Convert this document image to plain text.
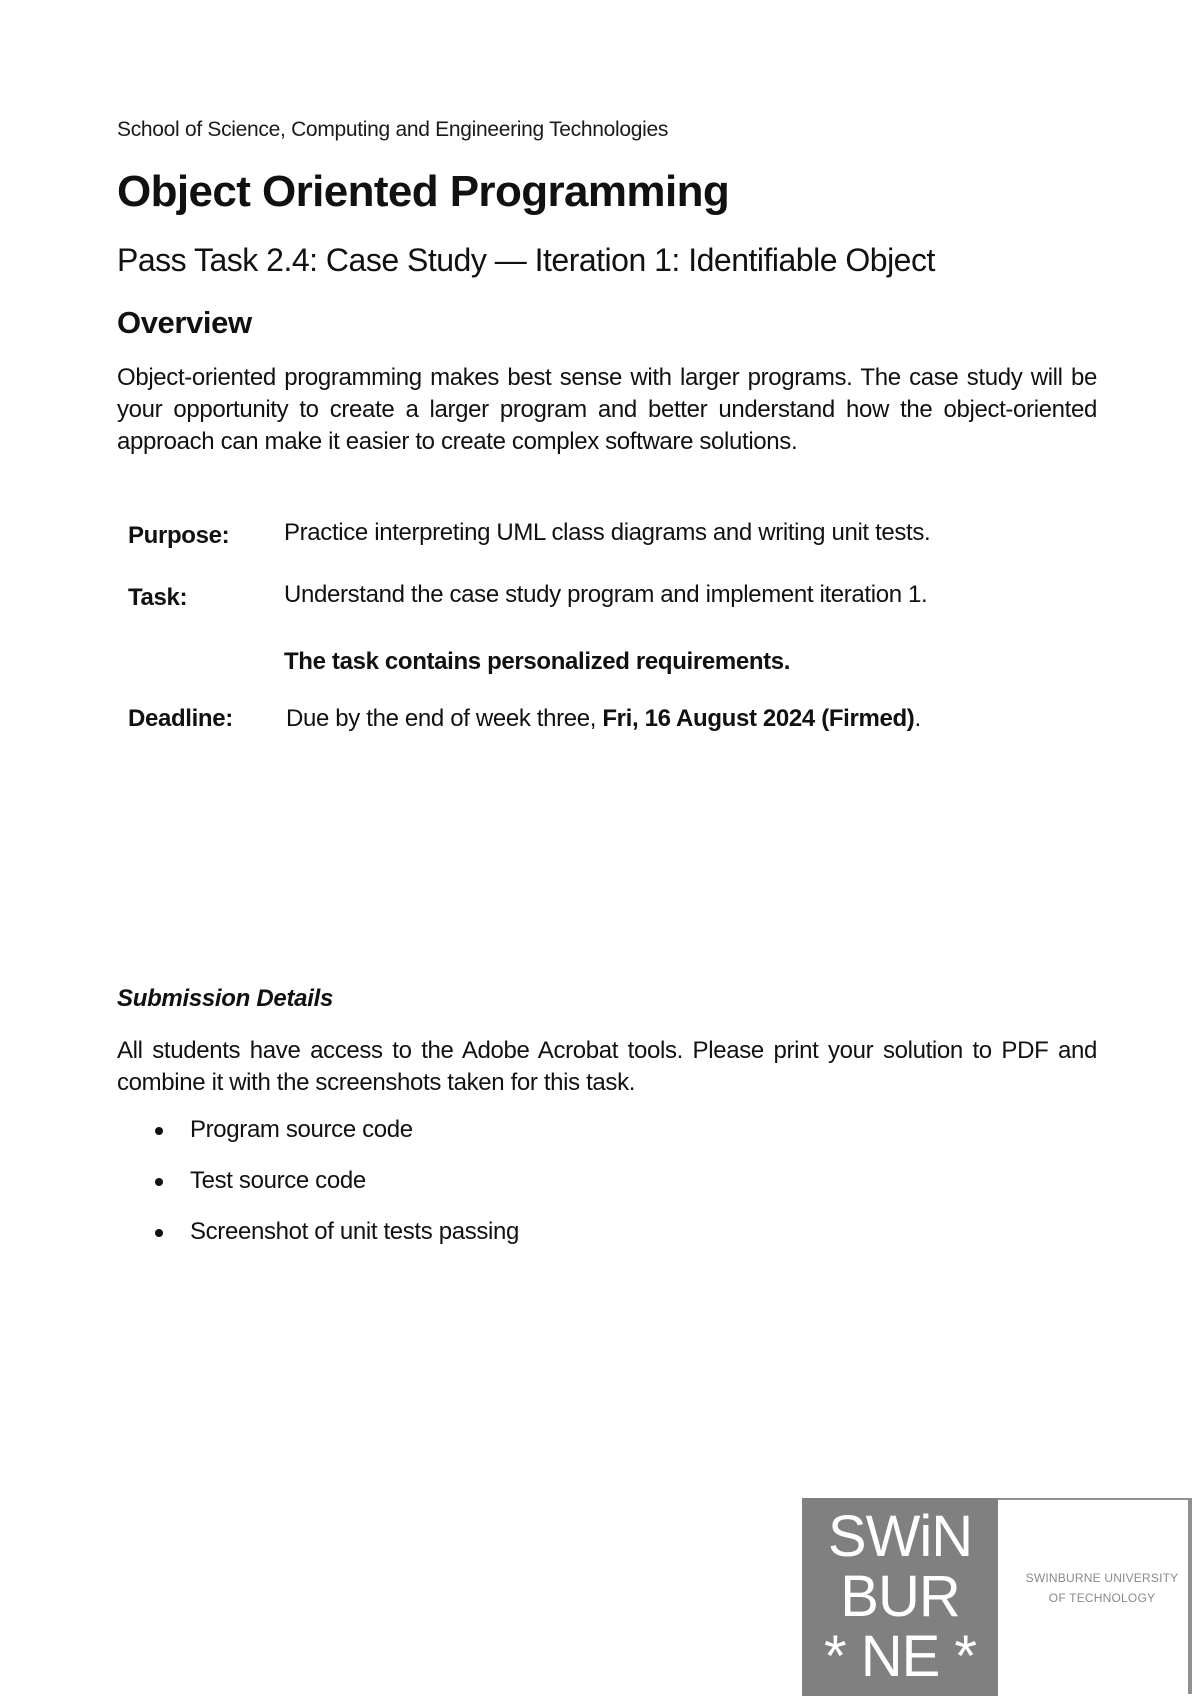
School of Science, Computing and Engineering Technologies
Object Oriented Programming
Pass Task 2.4: Case Study — Iteration 1: Identifiable Object
Overview

Object-oriented programming makes best sense with larger programs. The case study will be your opportunity to create a larger program and better understand how the object-oriented approach can make it easier to create complex software solutions.

Purpose: Practice interpreting UML class diagrams and writing unit tests.
Task:	Understand the case study program and implement iteration 1.
The task contains personalized requirements.
Deadline: Due by the end of week three, Fri, 16 August 2024 (Firmed).
Submission Details

All students have access to the Adobe Acrobat tools. Please print your solution to PDF and combine it with the screenshots taken for this task.

Program source code
Test source code
Screenshot of unit tests passing
SWiN
BUR
* NE *
SWINBURNE UNIVERSITY
OF TECHNOLOGY
